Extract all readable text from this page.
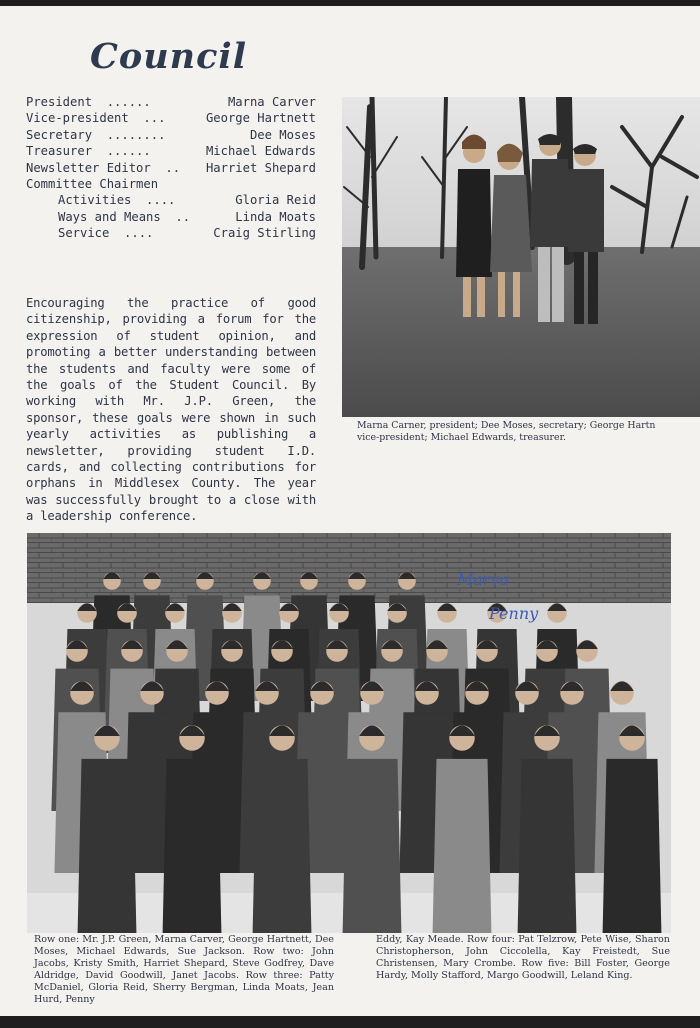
Council
President  ......	Marna Carver
Vice-president  ...	George Hartnett
Secretary  ........	Dee Moses
Treasurer  ......	Michael Edwards
Newsletter Editor  .. Harriet Shepard
Committee Chairmen
Activities  ....	Gloria Reid
Ways and Means  ..	Linda Moats
Service  ....	Craig Stirling
Encouraging the practice of good citizenship, providing a forum for the expression of student opinion, and promoting a better understanding between the students and faculty were some of the goals of the Student Council. By working with Mr. J.P. Green, the sponsor, these goals were shown in such yearly activities as publishing a newsletter, providing student I.D. cards, and collecting contributions for orphans in Middlesex County. The year was successfully brought to a close with a leadership conference.
Marna Carner, president; Dee Moses, secretary; George Hartn
vice-president; Michael Edwards, treasurer.
Marva
Penny
Row one: Mr. J.P. Green, Marna Carver, George Hartnett, Dee Moses, Michael Edwards, Sue Jackson. Row two: John Jacobs, Kristy Smith, Harriet Shepard, Steve Godfrey, Dave Aldridge, David Goodwill, Janet Jacobs. Row three: Patty McDaniel, Gloria Reid, Sherry Bergman, Linda Moats, Jean Hurd, Penny
Eddy, Kay Meade. Row four: Pat Telzrow, Pete Wise, Sharon Christopherson, John Ciccolella, Kay Freistedt, Sue Christensen, Mary Crombe. Row five: Bill Foster, George Hardy, Molly Stafford, Margo Goodwill, Leland King.
